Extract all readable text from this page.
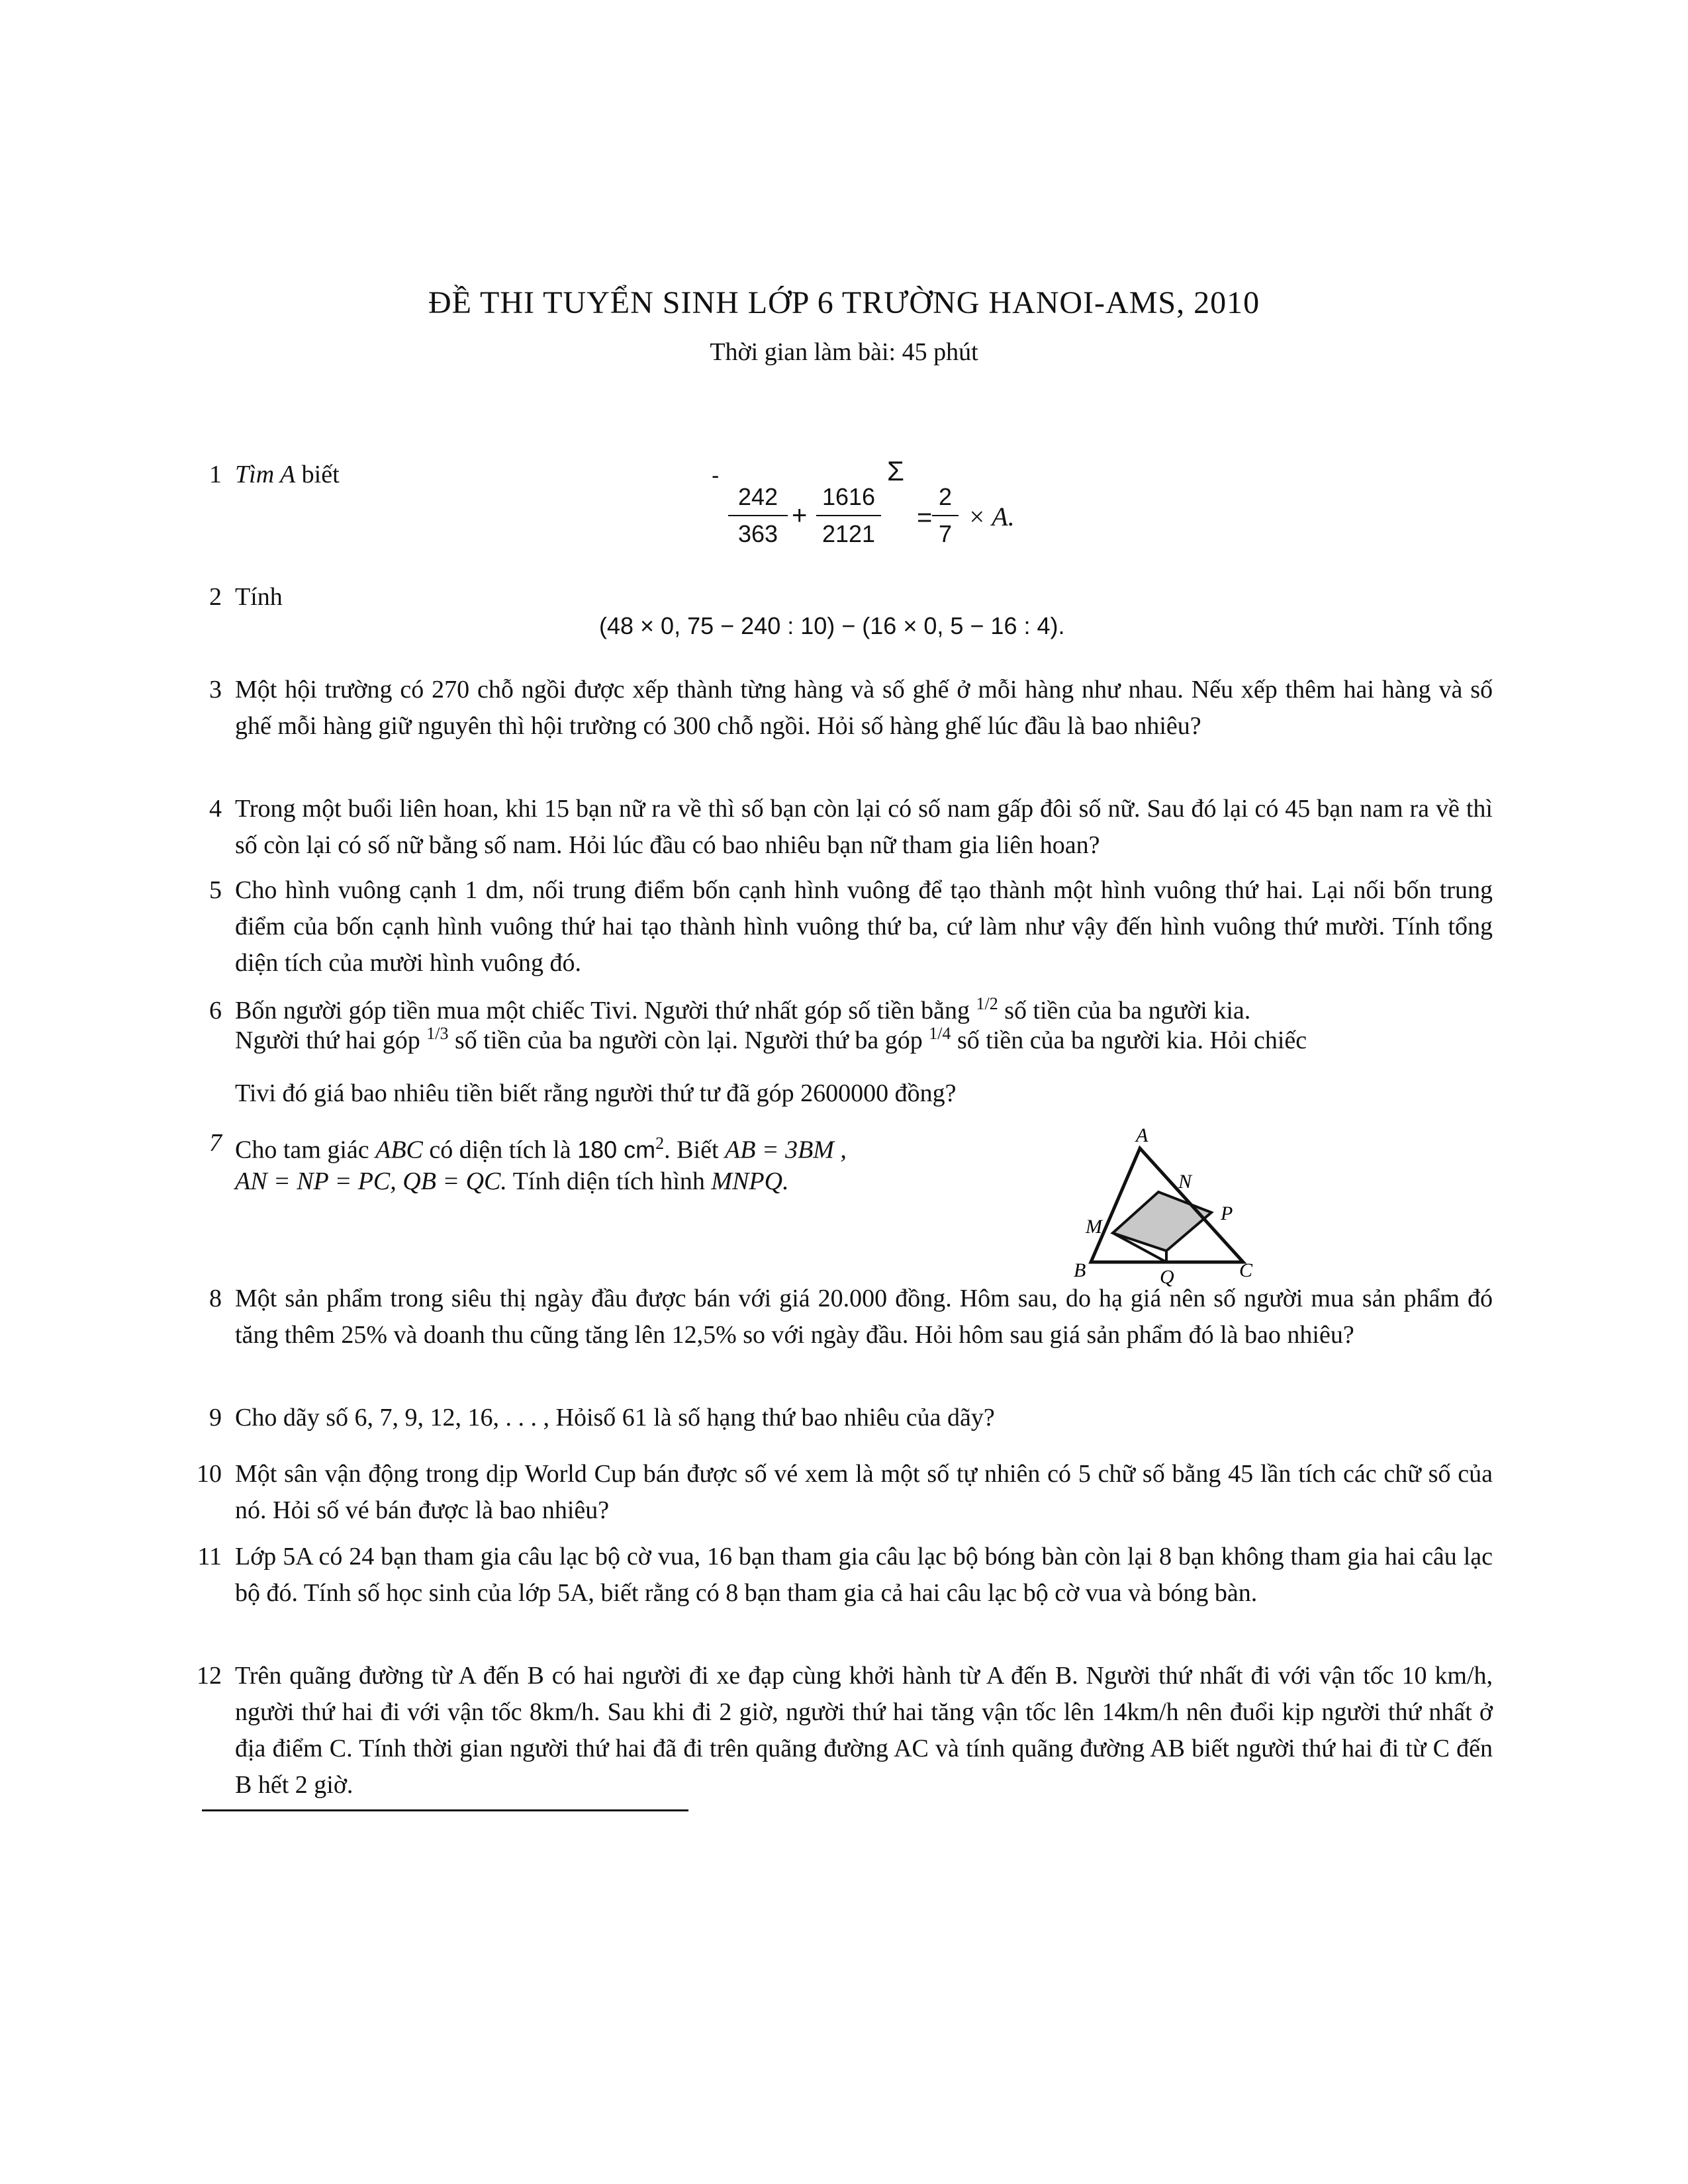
ĐỀ THI TUYỂN SINH LỚP 6 TRƯỜNG HANOI-AMS, 2010
Thời gian làm bài: 45 phút
1 Tìm A biết	-	Σ
$\frac{242}{363} + \frac{1616}{2121} = \frac{2}{7} \times A$.
2 Tính
(48 × 0, 75 − 240 : 10) − (16 × 0, 5 − 16 : 4).
3 Một hội trường có 270 chỗ ngồi được xếp thành từng hàng và số ghế ở mỗi hàng như nhau. Nếu xếp thêm hai hàng và số ghế mỗi hàng giữ nguyên thì hội trường có 300 chỗ ngồi. Hỏi số hàng ghế lúc đầu là bao nhiêu?
4 Trong một buổi liên hoan, khi 15 bạn nữ ra về thì số bạn còn lại có số nam gấp đôi số nữ. Sau đó lại có 45 bạn nam ra về thì số còn lại có số nữ bằng số nam. Hỏi lúc đầu có bao nhiêu bạn nữ tham gia liên hoan?
5 Cho hình vuông cạnh 1 dm, nối trung điểm bốn cạnh hình vuông để tạo thành một hình vuông thứ hai. Lại nối bốn trung điểm của bốn cạnh hình vuông thứ hai tạo thành hình vuông thứ ba, cứ làm như vậy đến hình vuông thứ mười. Tính tổng diện tích của mười hình vuông đó.
6 Bốn người góp tiền mua một chiếc Tivi. Người thứ nhất góp số tiền bằng $^{1/2}$ số tiền của ba người kia.
Người thứ hai góp $^{1/3}$ số tiền của ba người còn lại. Người thứ ba góp $^{1/4}$ số tiền của ba người kia. Hỏi chiếc
Tivi đó giá bao nhiêu tiền biết rằng người thứ tư đã góp 2600000 đồng?
7 Cho tam giác ABC có diện tích là 180 $cm^2$. Biết AB = 3BM ,
AN = NP = PC, QB = QC. Tính diện tích hình MNPQ.
A
B	C
M
N
P
Q
8 Một sản phẩm trong siêu thị ngày đầu được bán với giá 20.000 đồng. Hôm sau, do hạ giá nên số người mua sản phẩm đó tăng thêm 25% và doanh thu cũng tăng lên 12,5% so với ngày đầu. Hỏi hôm sau giá sản phẩm đó là bao nhiêu?
9 Cho dãy số 6, 7, 9, 12, 16, . . . , Hỏisố 61 là số hạng thứ bao nhiêu của dãy?
10 Một sân vận động trong dịp World Cup bán được số vé xem là một số tự nhiên có 5 chữ số bằng 45 lần tích các chữ số của nó. Hỏi số vé bán được là bao nhiêu?
11 Lớp 5A có 24 bạn tham gia câu lạc bộ cờ vua, 16 bạn tham gia câu lạc bộ bóng bàn còn lại 8 bạn không tham gia hai câu lạc bộ đó. Tính số học sinh của lớp 5A, biết rằng có 8 bạn tham gia cả hai câu lạc bộ cờ vua và bóng bàn.
12 Trên quãng đường từ A đến B có hai người đi xe đạp cùng khởi hành từ A đến B. Người thứ nhất đi với vận tốc 10 km/h, người thứ hai đi với vận tốc 8km/h. Sau khi đi 2 giờ, người thứ hai tăng vận tốc lên 14km/h nên đuổi kịp người thứ nhất ở địa điểm C. Tính thời gian người thứ hai đã đi trên quãng đường AC và tính quãng đường AB biết người thứ hai đi từ C đến B hết 2 giờ.
